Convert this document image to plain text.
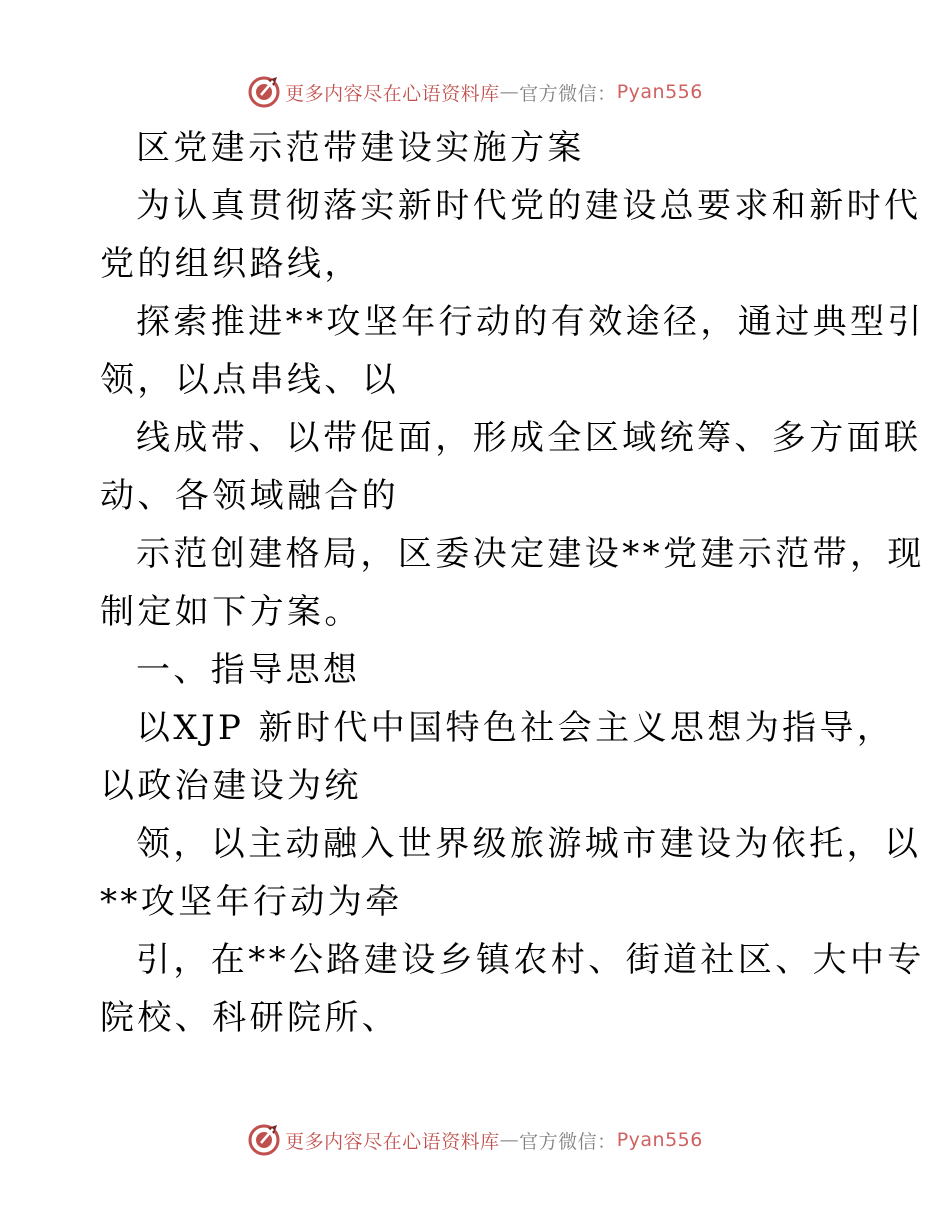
更多内容尽在心语资料库 — 官方微信： Pyan556
区党建示范带建设实施方案
为认真贯彻落实新时代党的建设总要求和新时代
党的组织路线，
探索推进**攻坚年行动的有效途径，通过典型引
领，以点串线、以
线成带、以带促面，形成全区域统筹、多方面联
动、各领域融合的
示范创建格局，区委决定建设**党建示范带，现
制定如下方案。
一、指导思想
以XJP 新时代中国特色社会主义思想为指导，
以政治建设为统
领，以主动融入世界级旅游城市建设为依托，以
**攻坚年行动为牵
引，在**公路建设乡镇农村、街道社区、大中专
院校、科研院所、
更多内容尽在心语资料库 — 官方微信： Pyan556
